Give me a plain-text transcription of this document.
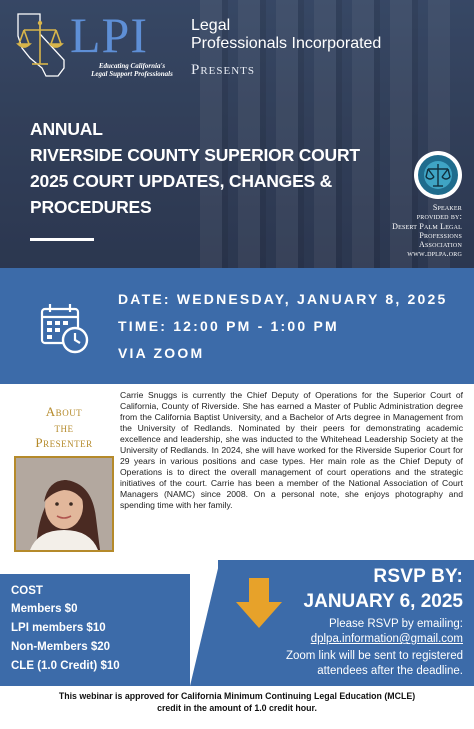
LPI
Educating California's
Legal Support Professionals
Legal
Professionals Incorporated
Presents
ANNUAL
RIVERSIDE COUNTY SUPERIOR COURT
2025 COURT UPDATES, CHANGES &
PROCEDURES	Speaker
provided by:
Desert Palm Legal
Professions
Association
www.dplpa.org
DATE: WEDNESDAY, JANUARY 8, 2025
TIME: 12:00 PM - 1:00 PM
VIA ZOOM
About
the
Presenter
Carrie Snuggs is currently the Chief Deputy of Operations for the Superior Court of California, County of Riverside. She has earned a Master of Public Administration degree from the California Baptist University, and a Bachelor of Arts degree in Management from the University of Redlands. Nominated by their peers for demonstrating academic excellence and leadership, she was inducted to the Whitehead Leadership Society at the University of Redlands. In 2024, she will have worked for the Riverside Superior Court for 29 years in various positions and case types. Her main role as the Chief Deputy of Operations is to direct the overall management of court operations and the strategic initiatives of the court. Carrie has been a member of the National Association of Court Managers (NAMC) since 2008. On a personal note, she enjoys photography and spending time with her family.
COST
Members $0
LPI members $10
Non-Members $20
CLE (1.0 Credit) $10
RSVP BY:
JANUARY 6, 2025
Please RSVP by emailing:
dplpa.information@gmail.com
Zoom link will be sent to registered
attendees after the deadline.
This webinar is approved for California Minimum Continuing Legal Education (MCLE)
credit in the amount of 1.0 credit hour.
